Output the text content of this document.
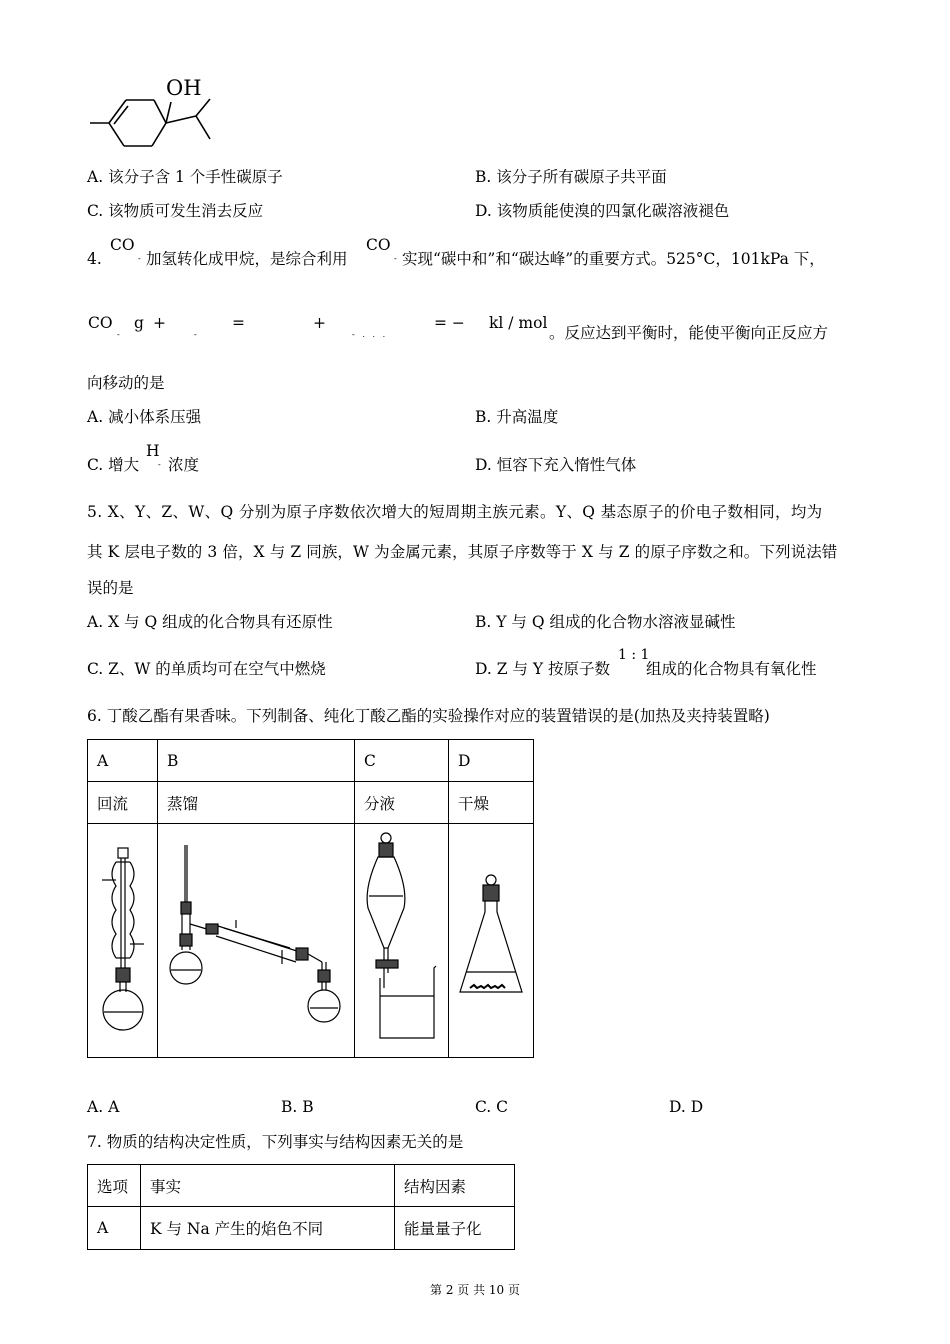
OH
A. 该分子含 1 个手性碳原子	B. 该分子所有碳原子共平面
C. 该物质可发生消去反应	D. 该物质能使溴的四氯化碳溶液褪色
4.
CO
- 加氢转化成甲烷，是综合利用
CO
- 实现“碳中和”和“碳达峰”的重要方式。525°C，101kPa 下，
CO
-
g +
-
=	+
-   .   .   .
= − kl / mol
。反应达到平衡时，能使平衡向正反应方
向移动的是
A. 减小体系压强	B. 升高温度
C. 增大
H
- 浓度	D. 恒容下充入惰性气体
5. X、Y、Z、W、Q 分别为原子序数依次增大的短周期主族元素。Y、Q 基态原子的价电子数相同，均为
其 K 层电子数的 3 倍，X 与 Z 同族，W 为金属元素，其原子序数等于 X 与 Z 的原子序数之和。下列说法错
误的是
A. X 与 Q 组成的化合物具有还原性	B. Y 与 Q 组成的化合物水溶液显碱性
C. Z、W 的单质均可在空气中燃烧	D. Z 与 Y 按原子数
1 : 1
组成的化合物具有氧化性
6. 丁酸乙酯有果香味。下列制备、纯化丁酸乙酯的实验操作对应的装置错误的是(加热及夹持装置略)
A	B	C	D
回流	蒸馏	分液	干燥

A. A	B. B	C. C	D. D
7. 物质的结构决定性质，下列事实与结构因素无关的是
选项	事实	结构因素
A	K 与 Na 产生的焰色不同	能量量子化
第 2 页 共 10 页
